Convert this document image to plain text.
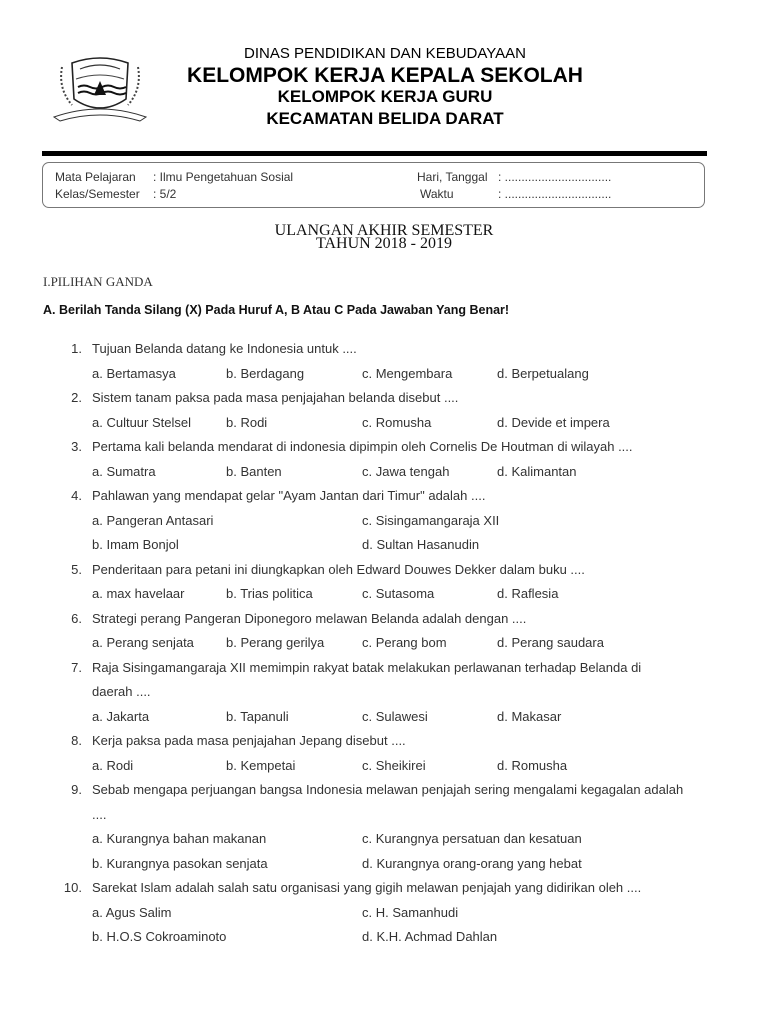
DINAS PENDIDIKAN DAN KEBUDAYAAN
KELOMPOK KERJA KEPALA SEKOLAH
KELOMPOK KERJA GURU
KECAMATAN BELIDA DARAT
Mata Pelajaran : Ilmu Pengetahuan Sosial
Kelas/Semester : 5/2
Hari, Tanggal : ................................
Waktu	: ................................
ULANGAN AKHIR SEMESTER
TAHUN 2018 - 2019
I.PILIHAN GANDA
A. Berilah Tanda Silang (X) Pada Huruf A, B Atau C Pada Jawaban Yang Benar!
1. Tujuan Belanda datang ke Indonesia untuk ....
a. Bertamasya	b. Berdagang	c. Mengembara	d. Berpetualang
2. Sistem tanam paksa pada masa penjajahan belanda disebut ....
a. Cultuur Stelsel	b. Rodi	c. Romusha	d. Devide et impera
3. Pertama kali belanda mendarat di indonesia dipimpin oleh Cornelis De Houtman di wilayah ....
a. Sumatra	b. Banten	c. Jawa tengah	d. Kalimantan
4. Pahlawan yang mendapat gelar "Ayam Jantan dari Timur" adalah ....
a. Pangeran Antasari	c. Sisingamangaraja XII
b. Imam Bonjol	d. Sultan Hasanudin
5. Penderitaan para petani ini diungkapkan oleh Edward Douwes Dekker dalam buku ....
a. max havelaar	b. Trias politica	c. Sutasoma	d. Raflesia
6. Strategi perang Pangeran Diponegoro melawan Belanda adalah dengan ....
a. Perang senjata b. Perang gerilya	c. Perang bom	d. Perang saudara
7. Raja Sisingamangaraja XII memimpin rakyat batak melakukan perlawanan terhadap Belanda di
daerah ....
a. Jakarta	b. Tapanuli	c. Sulawesi	d. Makasar
8. Kerja paksa pada masa penjajahan Jepang disebut ....
a. Rodi	b. Kempetai	c. Sheikirei	d. Romusha
9. Sebab mengapa perjuangan bangsa Indonesia melawan penjajah sering mengalami kegagalan adalah
....
a. Kurangnya bahan makanan	c. Kurangnya persatuan dan kesatuan
b. Kurangnya pasokan senjata	d. Kurangnya orang-orang yang hebat
10. Sarekat Islam adalah salah satu organisasi yang gigih melawan penjajah yang didirikan oleh ....
a. Agus Salim	c. H. Samanhudi
b. H.O.S Cokroaminoto	d. K.H. Achmad Dahlan
